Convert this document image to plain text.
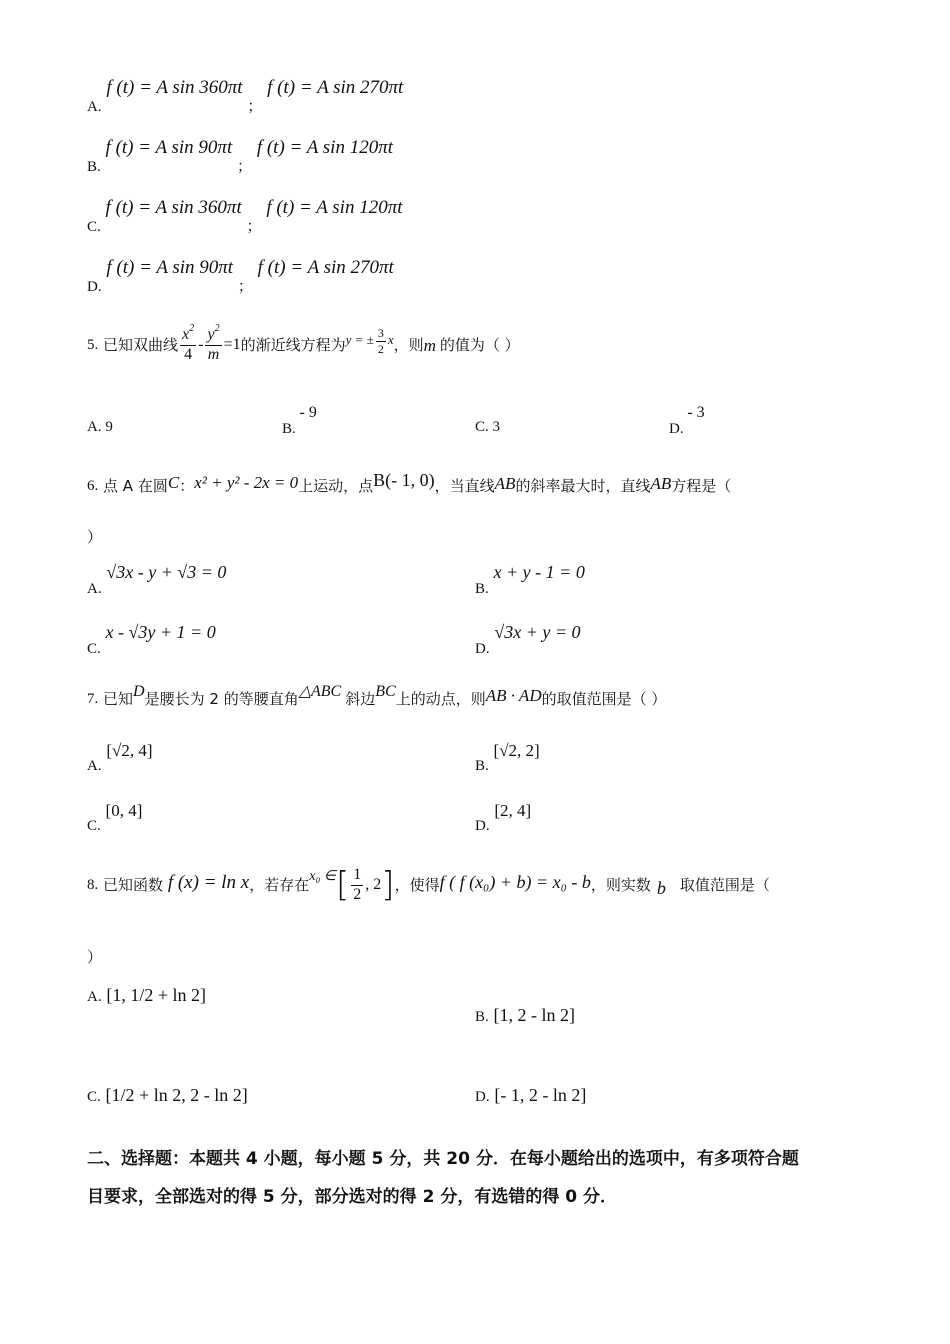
A. f (t) = A sin 360πt ； f (t) = A sin 270πt
B. f (t) = A sin 90πt ； f (t) = A sin 120πt
C. f (t) = A sin 360πt ； f (t) = A sin 120πt
D. f (t) = A sin 90πt ； f (t) = A sin 270πt
5.
已知双曲线 $\frac{x^2}{4} - \frac{y^2}{m} =1$ 的渐近线方程为 y = ± $\frac{3}{2}$ x ，则 m 的值为（ ）
A. 9	B. - 9
C. 3	D. - 3
6.
点 A 在圆 C ： x² + y² - 2x = 0 上运动，点 B(- 1, 0) ，当直线 AB 的斜率最大时，直线 AB 方程是（
）
A. √3x - y + √3 = 0
B. x + y - 1 = 0
C. x - √3y + 1 = 0
D. √3x + y = 0
7.
已知 D 是腰长为 2 的等腰直角 △ABC 斜边 BC 上的动点，则 AB · AD 的取值范围是（ ）
A. [√2, 4]
B. [√2, 2]
C. [0, 4]
D. [2, 4]
8.
已知函数
f (x) = ln x ，若存在 x₀ ∈ [ $\frac{1}{2}$ , 2 ] ，使得 f ( f (x₀) + b) = x₀ - b ，则实数 b 取值范围是（
）
A. [1, 1/2 + ln 2]
B. [1, 2 - ln 2]
C. [1/2 + ln 2, 2 - ln 2]	D. [- 1, 2 - ln 2]
二、选择题：本题共 4 小题，每小题 5 分，共 20 分．在每小题给出的选项中，有多项符合题
目要求，全部选对的得 5 分，部分选对的得 2 分，有选错的得 0 分．
